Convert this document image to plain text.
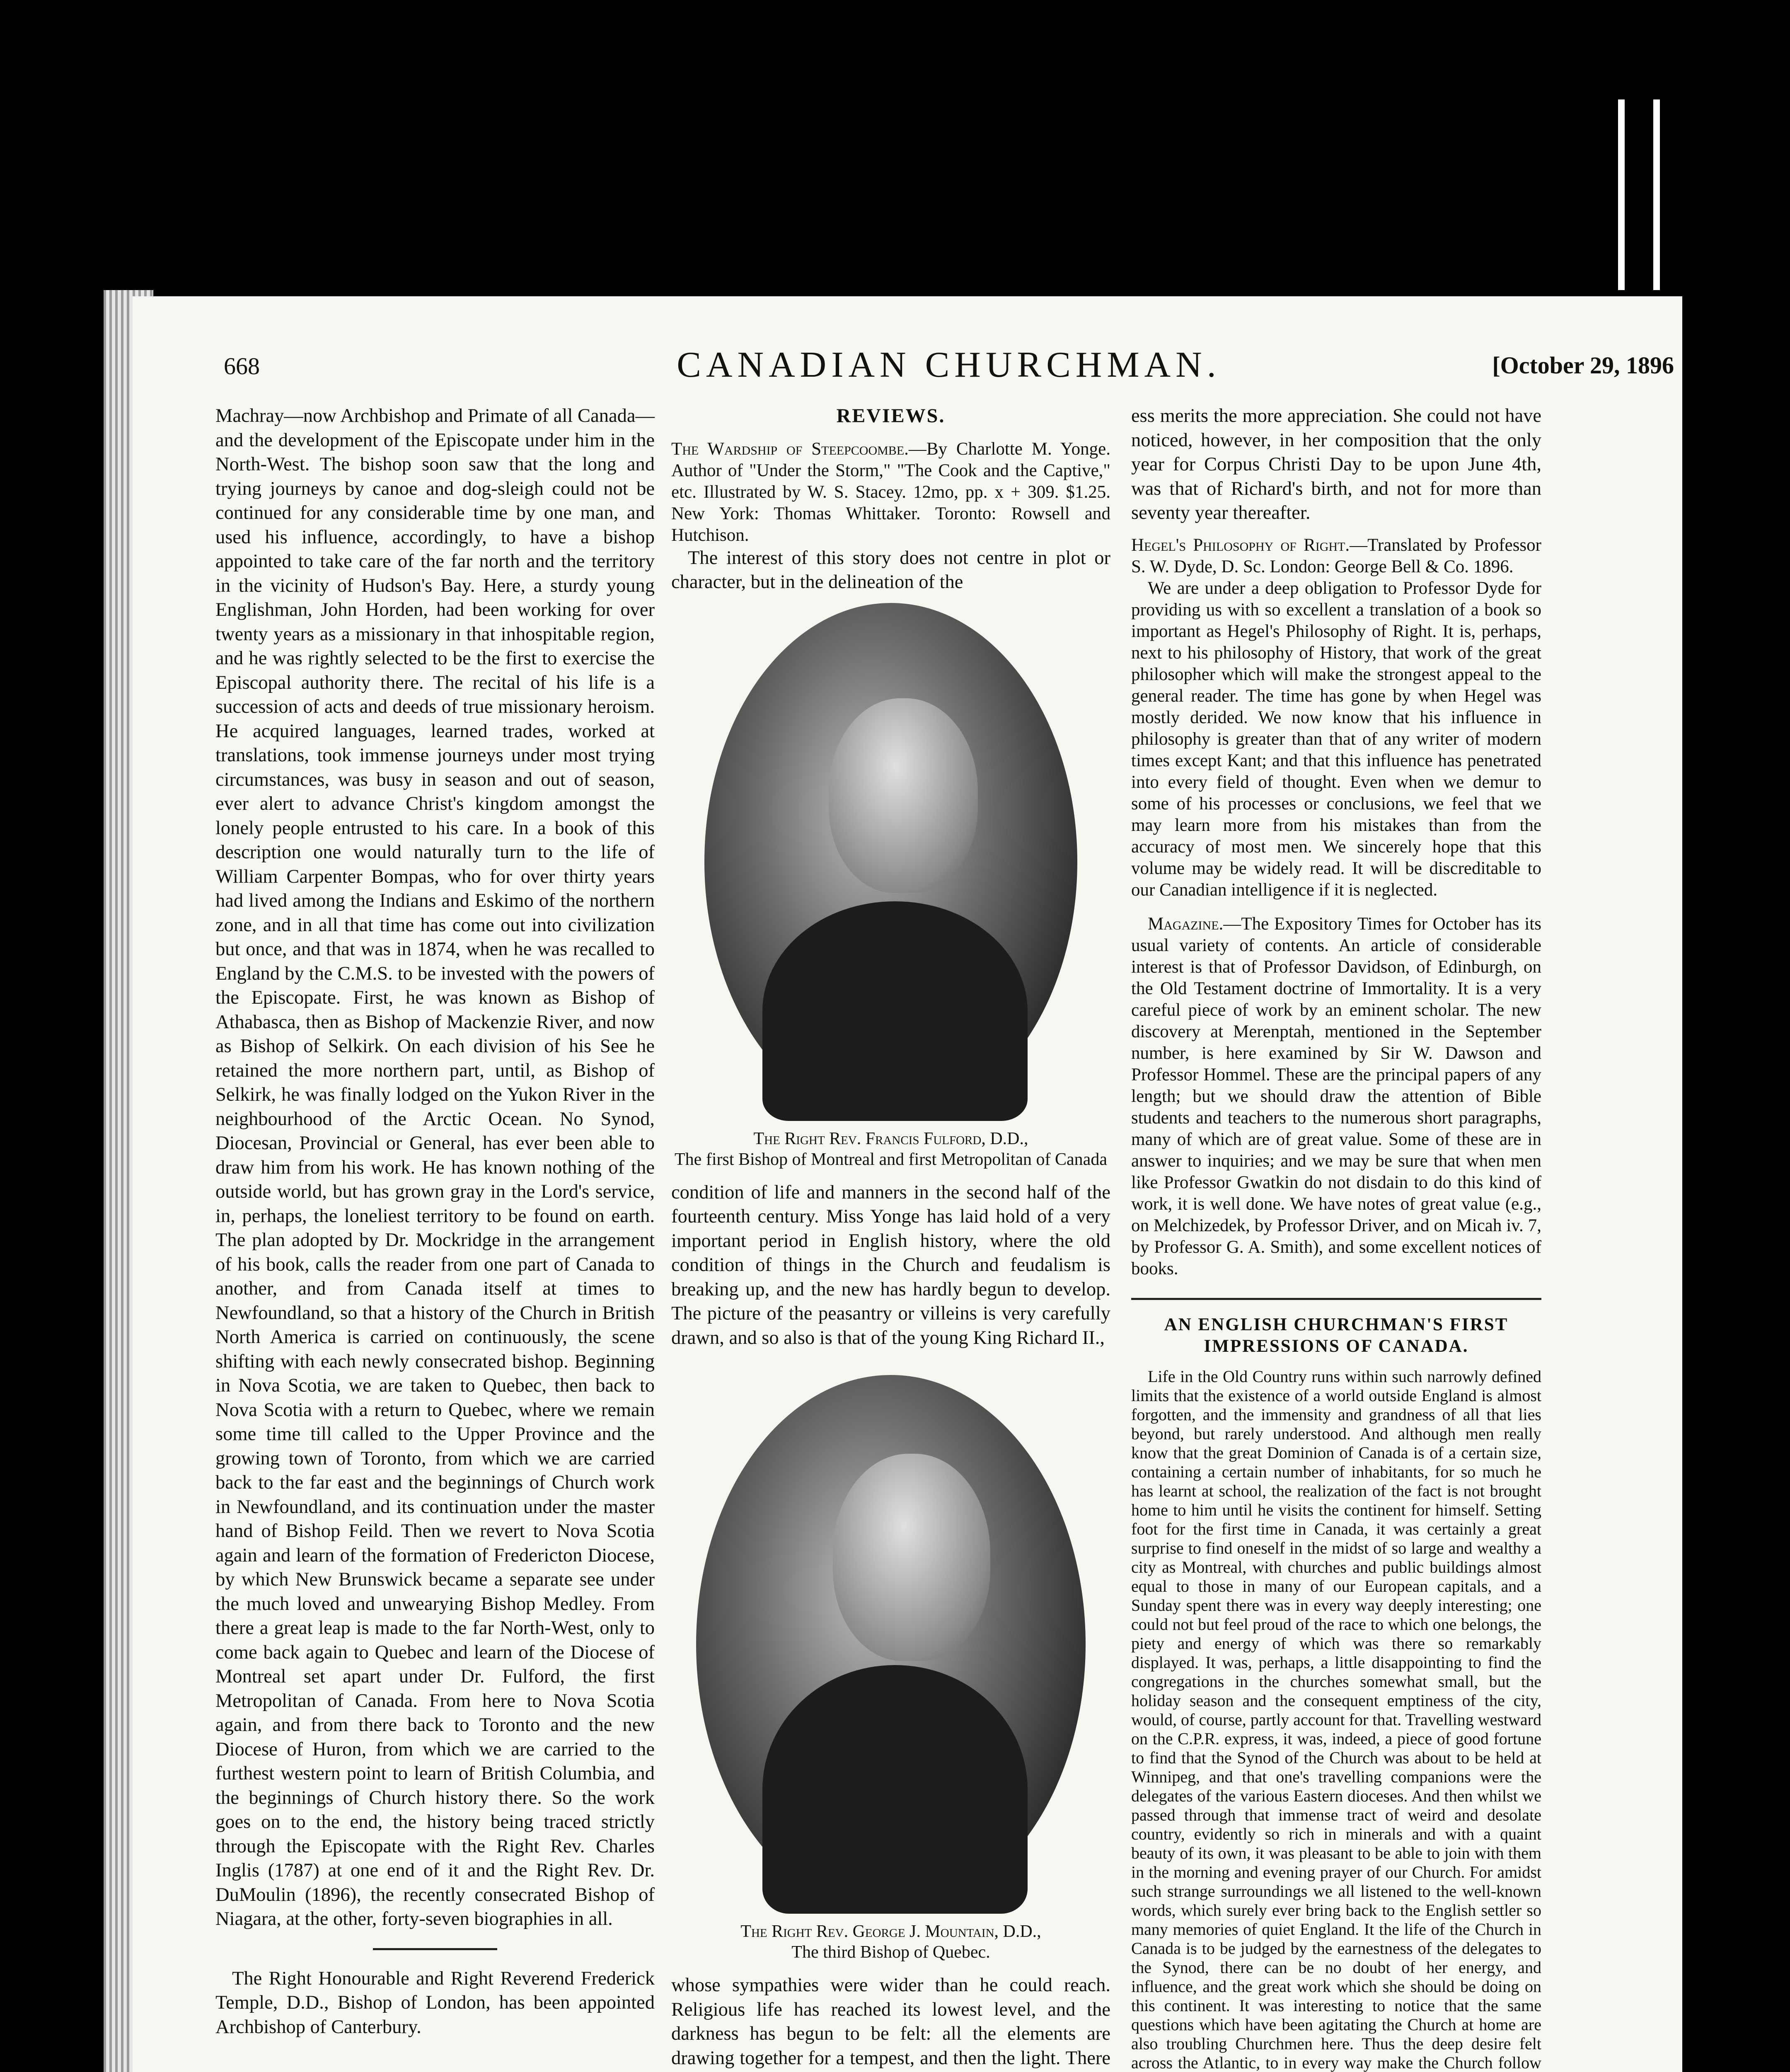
668	CANADIAN CHURCHMAN.	[October 29, 1896

Machray—now Archbishop and Primate of all Canada—and the development of the Episcopate under him in the North-West. The bishop soon saw that the long and trying journeys by canoe and dog-sleigh could not be continued for any considerable time by one man, and used his influence, accordingly, to have a bishop appointed to take care of the far north and the territory in the vicinity of Hudson's Bay. Here, a sturdy young Englishman, John Horden, had been working for over twenty years as a missionary in that inhospitable region, and he was rightly selected to be the first to exercise the Episcopal authority there. The recital of his life is a succession of acts and deeds of true missionary heroism. He acquired languages, learned trades, worked at translations, took immense journeys under most trying circumstances, was busy in season and out of season, ever alert to advance Christ's kingdom amongst the lonely people entrusted to his care. In a book of this description one would naturally turn to the life of William Carpenter Bompas, who for over thirty years had lived among the Indians and Eskimo of the northern zone, and in all that time has come out into civilization but once, and that was in 1874, when he was recalled to England by the C.M.S. to be invested with the powers of the Episcopate. First, he was known as Bishop of Athabasca, then as Bishop of Mackenzie River, and now as Bishop of Selkirk. On each division of his See he retained the more northern part, until, as Bishop of Selkirk, he was finally lodged on the Yukon River in the neighbourhood of the Arctic Ocean. No Synod, Diocesan, Provincial or General, has ever been able to draw him from his work. He has known nothing of the outside world, but has grown gray in the Lord's service, in, perhaps, the loneliest territory to be found on earth. The plan adopted by Dr. Mockridge in the arrangement of his book, calls the reader from one part of Canada to another, and from Canada itself at times to Newfoundland, so that a history of the Church in British North America is carried on continuously, the scene shifting with each newly consecrated bishop. Beginning in Nova Scotia, we are taken to Quebec, then back to Nova Scotia with a return to Quebec, where we remain some time till called to the Upper Province and the growing town of Toronto, from which we are carried back to the far east and the beginnings of Church work in Newfoundland, and its continuation under the master hand of Bishop Feild. Then we revert to Nova Scotia again and learn of the formation of Fredericton Diocese, by which New Brunswick became a separate see under the much loved and unwearying Bishop Medley. From there a great leap is made to the far North-West, only to come back again to Quebec and learn of the Diocese of Montreal set apart under Dr. Fulford, the first Metropolitan of Canada. From here to Nova Scotia again, and from there back to Toronto and the new Diocese of Huron, from which we are carried to the furthest western point to learn of British Columbia, and the beginnings of Church history there. So the work goes on to the end, the history being traced strictly through the Episcopate with the Right Rev. Charles Inglis (1787) at one end of it and the Right Rev. Dr. DuMoulin (1896), the recently consecrated Bishop of Niagara, at the other, forty-seven biographies in all.

The Right Honourable and Right Reverend Frederick Temple, D.D., Bishop of London, has been appointed Archbishop of Canterbury.

REVIEWS.

The Wardship of Steepcoombe.—By Charlotte M. Yonge. Author of "Under the Storm," "The Cook and the Captive," etc. Illustrated by W. S. Stacey. 12mo, pp. x + 309. $1.25. New York: Thomas Whittaker. Toronto: Rowsell and Hutchison.

The interest of this story does not centre in plot or character, but in the delineation of the

The Right Rev. Francis Fulford, D.D.,
The first Bishop of Montreal and first Metropolitan of Canada

condition of life and manners in the second half of the fourteenth century. Miss Yonge has laid hold of a very important period in English history, where the old condition of things in the Church and feudalism is breaking up, and the new has hardly begun to develop. The picture of the peasantry or villeins is very carefully drawn, and so also is that of the young King Richard II.,

The Right Rev. George J. Mountain, D.D.,
The third Bishop of Quebec.

whose sympathies were wider than he could reach. Religious life has reached its lowest level, and the darkness has begun to be felt: all the elements are drawing together for a tempest, and then the light. There

ess merits the more appreciation. She could not have noticed, however, in her composition that the only year for Corpus Christi Day to be upon June 4th, was that of Richard's birth, and not for more than seventy year thereafter.

Hegel's Philosophy of Right.—Translated by Professor S. W. Dyde, D. Sc. London: George Bell & Co. 1896.

We are under a deep obligation to Professor Dyde for providing us with so excellent a translation of a book so important as Hegel's Philosophy of Right. It is, perhaps, next to his philosophy of History, that work of the great philosopher which will make the strongest appeal to the general reader. The time has gone by when Hegel was mostly derided. We now know that his influence in philosophy is greater than that of any writer of modern times except Kant; and that this influence has penetrated into every field of thought. Even when we demur to some of his processes or conclusions, we feel that we may learn more from his mistakes than from the accuracy of most men. We sincerely hope that this volume may be widely read. It will be discreditable to our Canadian intelligence if it is neglected.

Magazine.—The Expository Times for October has its usual variety of contents. An article of considerable interest is that of Professor Davidson, of Edinburgh, on the Old Testament doctrine of Immortality. It is a very careful piece of work by an eminent scholar. The new discovery at Merenptah, mentioned in the September number, is here examined by Sir W. Dawson and Professor Hommel. These are the principal papers of any length; but we should draw the attention of Bible students and teachers to the numerous short paragraphs, many of which are of great value. Some of these are in answer to inquiries; and we may be sure that when men like Professor Gwatkin do not disdain to do this kind of work, it is well done. We have notes of great value (e.g., on Melchizedek, by Professor Driver, and on Micah iv. 7, by Professor G. A. Smith), and some excellent notices of books.

AN ENGLISH CHURCHMAN'S FIRST IMPRESSIONS OF CANADA.

Life in the Old Country runs within such narrowly defined limits that the existence of a world outside England is almost forgotten, and the immensity and grandness of all that lies beyond, but rarely understood. And although men really know that the great Dominion of Canada is of a certain size, containing a certain number of inhabitants, for so much he has learnt at school, the realization of the fact is not brought home to him until he visits the continent for himself. Setting foot for the first time in Canada, it was certainly a great surprise to find oneself in the midst of so large and wealthy a city as Montreal, with churches and public buildings almost equal to those in many of our European capitals, and a Sunday spent there was in every way deeply interesting; one could not but feel proud of the race to which one belongs, the piety and energy of which was there so remarkably displayed. It was, perhaps, a little disappointing to find the congregations in the churches somewhat small, but the holiday season and the consequent emptiness of the city, would, of course, partly account for that. Travelling westward on the C.P.R. express, it was, indeed, a piece of good fortune to find that the Synod of the Church was about to be held at Winnipeg, and that one's travelling companions were the delegates of the various Eastern dioceses. And then whilst we passed through that immense tract of weird and desolate country, evidently so rich in minerals and with a quaint beauty of its own, it was pleasant to be able to join with them in the morning and evening prayer of our Church. For amidst such strange surroundings we all listened to the well-known words, which surely ever bring back to the English settler so many memories of quiet England. It the life of the Church in Canada is to be judged by the earnestness of the delegates to the Synod, there can be no doubt of her energy, and influence, and the great work which she should be doing on this continent. It was interesting to notice that the same questions which have been agitating the Church at home are also troubling Churchmen here. Thus the deep desire felt across the Atlantic, to in every way make the Church follow
